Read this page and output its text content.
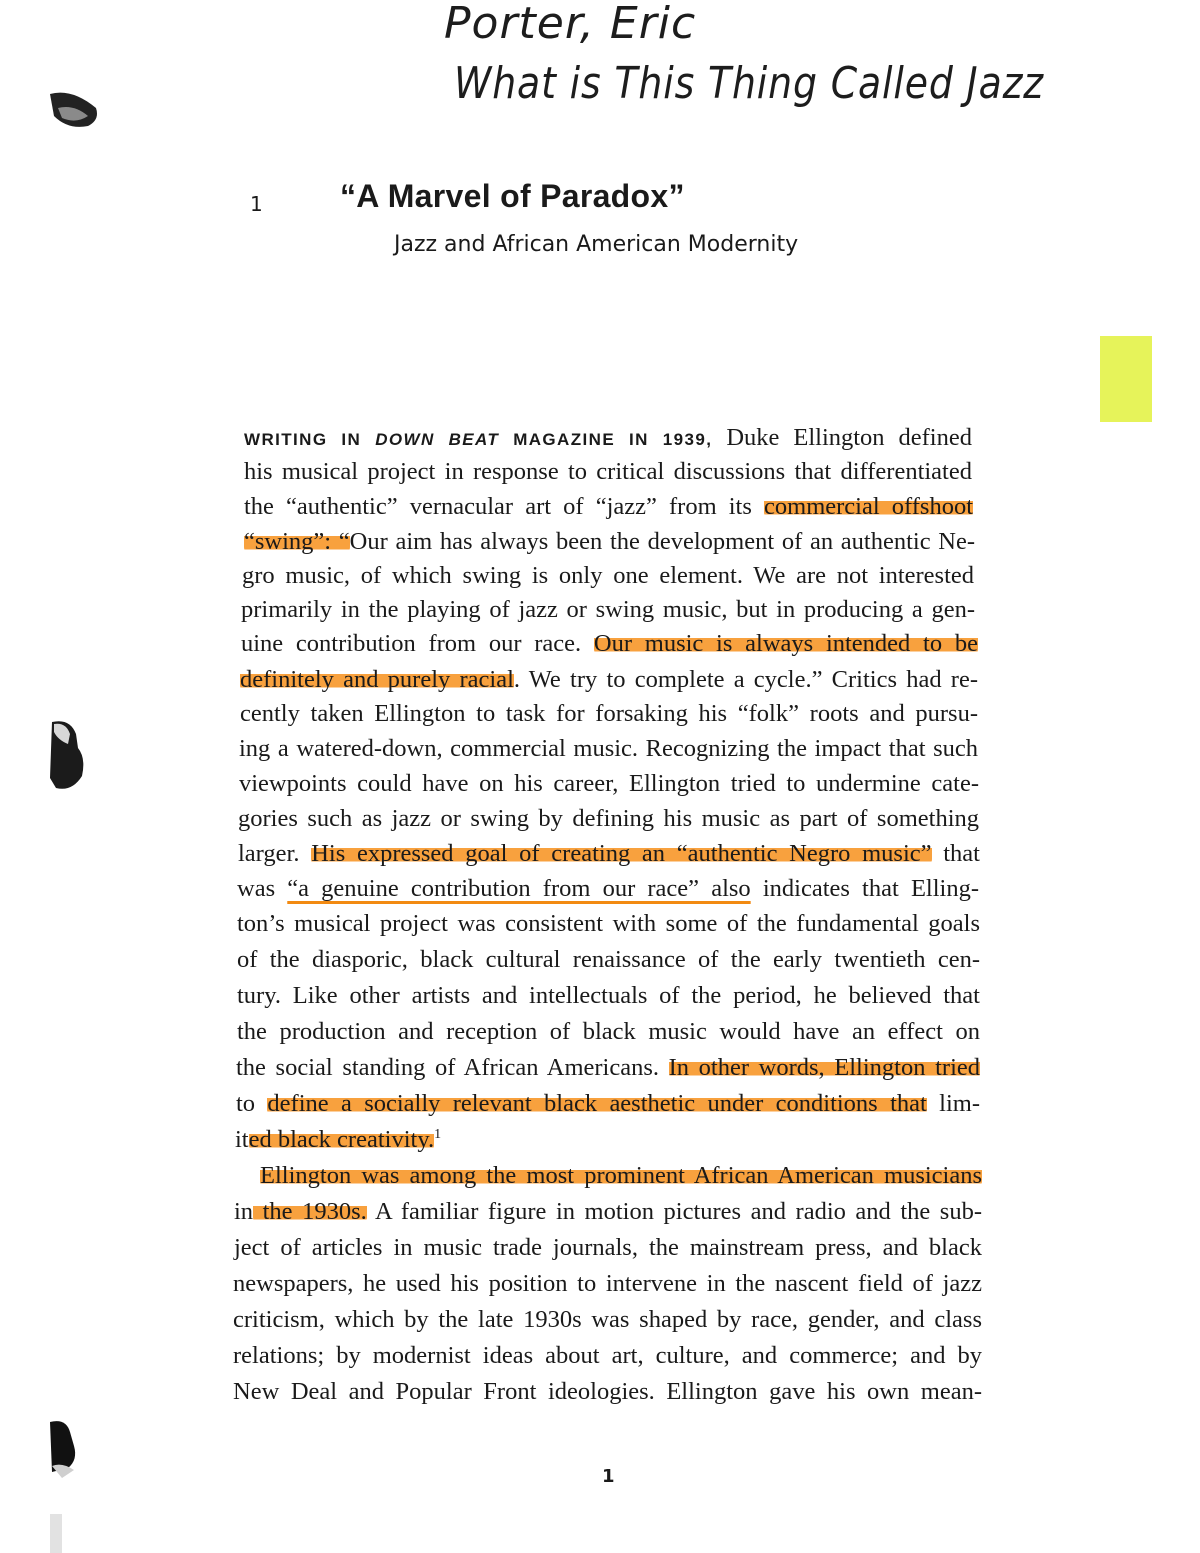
Porter, Eric
What is This Thing Called Jazz
1 “A Marvel of Paradox”
Jazz and African American Modernity
WRITING IN DOWN BEAT MAGAZINE IN 1939, Duke Ellington defined
his musical project in response to critical discussions that differentiated
the “authentic” vernacular art of “jazz” from its commercial offshoot
“swing”: “Our aim has always been the development of an authentic Ne-
gro music, of which swing is only one element. We are not interested
primarily in the playing of jazz or swing music, but in producing a gen-
uine contribution from our race. Our music is always intended to be
definitely and purely racial. We try to complete a cycle.” Critics had re-
cently taken Ellington to task for forsaking his “folk” roots and pursu-
ing a watered-down, commercial music. Recognizing the impact that such
viewpoints could have on his career, Ellington tried to undermine cate-
gories such as jazz or swing by defining his music as part of something
larger. His expressed goal of creating an “authentic Negro music” that
was “a genuine contribution from our race” also indicates that Elling-
ton’s musical project was consistent with some of the fundamental goals
of the diasporic, black cultural renaissance of the early twentieth cen-
tury. Like other artists and intellectuals of the period, he believed that
the production and reception of black music would have an effect on
the social standing of African Americans. In other words, Ellington tried
to define a socially relevant black aesthetic under conditions that lim-
ited black creativity.$^1$
Ellington was among the most prominent African American musicians
in the 1930s. A familiar figure in motion pictures and radio and the sub-
ject of articles in music trade journals, the mainstream press, and black
newspapers, he used his position to intervene in the nascent field of jazz
criticism, which by the late 1930s was shaped by race, gender, and class
relations; by modernist ideas about art, culture, and commerce; and by
New Deal and Popular Front ideologies. Ellington gave his own mean-
1
